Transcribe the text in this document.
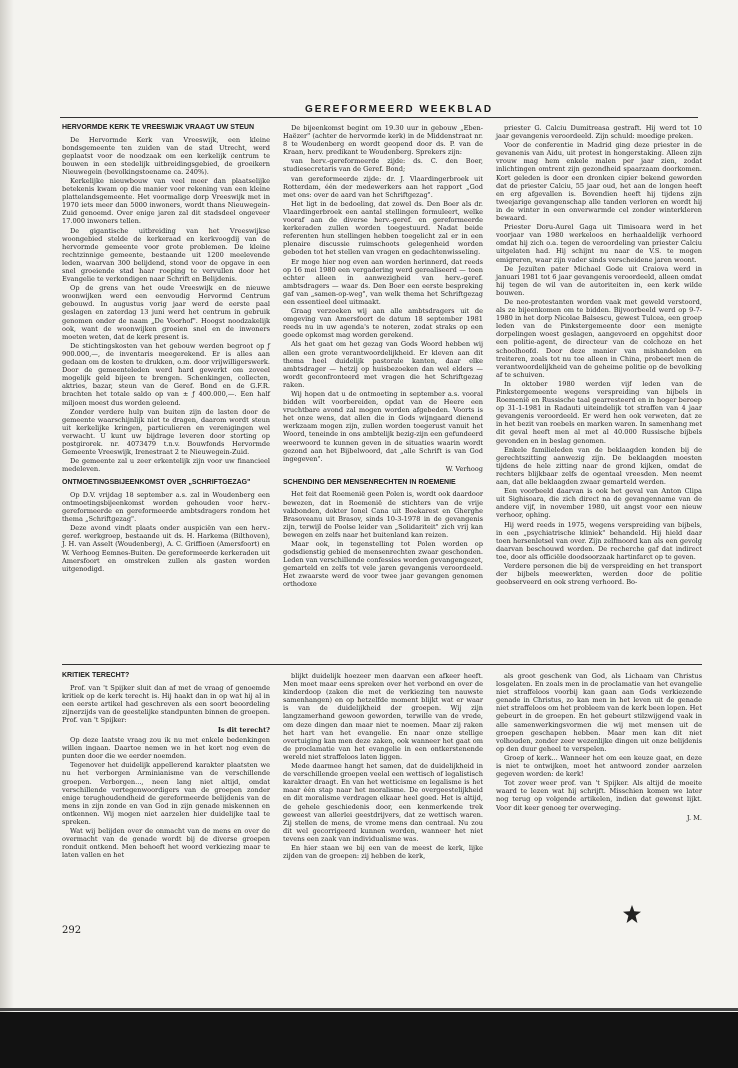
GEREFORMEERD WEEKBLAD
HERVORMDE KERK TE VREESWIJK VRAAGT UW STEUN

De Hervormde Kerk van Vreeswijk, een kleine bondsgemeente ten zuiden van de stad Utrecht, werd geplaatst voor de noodzaak om een kerkelijk centrum te bouwen in een stedelijk uitbreidingsgebied, de groeikern Nieuwegein (bevolkingstoename ca. 240%).

Kerkelijke nieuwbouw van veel meer dan plaatselijke betekenis kwam op die manier voor rekening van een kleine plattelandsgemeente. Het voormalige dorp Vreeswijk met in 1970 iets meer dan 5000 inwoners, wordt thans Nieuwegein-Zuid genoemd. Over enige jaren zal dit stadsdeel ongeveer 17.000 inwoners tellen.

De gigantische uitbreiding van het Vreeswijkse woongebied stelde de kerkeraad en kerkvoogdij van de hervormde gemeente voor grote problemen. De kleine rechtzinnige gemeente, bestaande uit 1200 meelevende leden, waarvan 300 belijdend, stond voor de opgave in een snel groeiende stad haar roeping te vervullen door het Evangelie te verkondigen naar Schrift en Belijdenis.

Op de grens van het oude Vreeswijk en de nieuwe woonwijken werd een eenvoudig Hervormd Centrum gebouwd. In augustus vorig jaar werd de eerste paal geslagen en zaterdag 13 juni werd het centrum in gebruik genomen onder de naam „De Voorhof". Hoogst noodzakelijk ook, want de woonwijken groeien snel en de inwoners moeten weten, dat de kerk present is.

De stichtingskosten van het gebouw werden begroot op ƒ 900.000,—, de inventaris meegerekend. Er is alles aan gedaan om de kosten te drukken, o.m. door vrijwilligerswerk. Door de gemeenteleden werd hard gewerkt om zoveel mogelijk geld bijeen te brengen. Schenkingen, collecten, aktries, bazar, steun van de Geref. Bond en de G.F.R. brachten het totale saldo op van ± ƒ 400.000,—. Een half miljoen moest dus worden geleend.

Zonder verdere hulp van buiten zijn de lasten door de gemeente waarschijnlijk niet te dragen, daarom wordt steun uit kerkelijke kringen, particulieren en verenigingen wel verwacht. U kunt uw bijdrage leveren door storting op postgirorek. nr. 4073479 t.n.v. Bouwfonds Hervormde Gemeente Vreeswijk, Irenestraat 2 te Nieuwegein-Zuid.

De gemeente zal u zeer erkentelijk zijn voor uw financieel medeleven.

ONTMOETINGSBIJEENKOMST OVER „SCHRIFTGEZAG"

Op D.V. vrijdag 18 september a.s. zal in Woudenberg een ontmoetingsbijeenkomst worden gehouden voor herv.-gereformeerde en gereformeerde ambtsdragers rondom het thema „Schriftgezag".

Deze avond vindt plaats onder auspiciën van een herv.-geref. werkgroep, bestaande uit ds. H. Harkema (Bilthoven), J. H. van Asselt (Woudenberg), A. C. Griffioen (Amersfoort) en W. Verhoog Eemnes-Buiten. De gereformeerde kerkeraden uit Amersfoort en omstreken zullen als gasten worden uitgenodigd.

De bijeenkomst begint om 19.30 uur in gebouw „Eben-Haëzer" (achter de hervormde kerk) in de Middenstraat nr. 8 te Woudenberg en wordt geopend door ds. P. van de Kraan, herv. predikant te Woudenberg. Sprekers zijn:

van herv.-gereformeerde zijde: ds. C. den Boer, studiesecretaris van de Geref. Bond;

van gereformeerde zijde: dr. J. Vlaardingerbroek uit Rotterdam, één der medewerkers aan het rapport „God met ons: over de aard van het Schriftgezag".

Het ligt in de bedoeling, dat zowel ds. Den Boer als dr. Vlaardingerbroek een aantal stellingen formuleert, welke vooraf aan de diverse herv.-geref. en gereformeerde kerkeraden zullen worden toegestuurd. Nadat beide referenten hun stellingen hebben toegelicht zal er in een plenaire discussie ruimschoots gelegenheid worden geboden tot het stellen van vragen en gedachtenwisseling.

Er moge hier nog even aan worden herinnerd, dat reeds op 16 mei 1980 een vergadering werd gerealiseerd — toen echter alleen in aanwezigheid van herv.-geref. ambtsdragers — waar ds. Den Boer een eerste bespreking gaf van „samen-op-weg", van welk thema het Schriftgezag een essentieel deel uitmaakt.

Graag verzoeken wij aan alle ambtsdragers uit de omgeving van Amersfoort de datum 18 september 1981 reeds nu in uw agenda's te noteren, zodat straks op een goede opkomst mag worden gerekend.

Als het gaat om het gezag van Gods Woord hebben wij allen een grote verantwoordelijkheid. Er kleven aan dit thema heel duidelijk pastorale kanten, daar elke ambtsdrager — hetzij op huisbezoeken dan wel elders — wordt geconfronteerd met vragen die het Schriftgezag raken.

Wij hopen dat u de ontmoeting in september a.s. vooral bidden wilt voorbereiden, opdat van de Heere een vruchtbare avond zal mogen worden afgebeden. Voorts is het onze wens, dat allen die in Gods wijngaard dienend werkzaam mogen zijn, zullen worden toegerust vanuit het Woord, teneinde in ons ambtelijk bezig-zijn een gefundeerd weerwoord te kunnen geven in de situaties waarin wordt gezond aan het Bijbelwoord, dat „alle Schrift is van God ingegeven".

W. Verhoog
SCHENDING DER MENSENRECHTEN IN ROEMENIE

Het feit dat Roemenië geen Polen is, wordt ook daardoor bewezen, dat in Roemenië de stichters van de vrije vakbonden, dokter Ionel Cana uit Boekarest en Gherghe Brasoveanu uit Brasov, sinds 10-3-1978 in de gevangenis zijn, terwijl de Poolse leider van „Solidariteit" zich vrij kan bewegen en zelfs naar het buitenland kan reizen.

Maar ook, in tegenstelling tot Polen worden op godsdienstig gebied de mensenrechten zwaar geschonden. Leden van verschillende confessies worden gevangengezet, gemarteld en zelfs tot vele jaren gevangenis veroordeeld. Het zwaarste werd de voor twee jaar gevangen genomen orthodoxe

priester G. Calciu Dumitreasa gestraft. Hij werd tot 10 jaar gevangenis veroordeeld. Zijn schuld: moedige preken.

Voor de conferentie in Madrid ging deze priester in de gevanenis van Aidu, uit protest in hongerstaking. Alleen zijn vrouw mag hem enkele malen per jaar zien, zodat inlichtingen omtrent zijn gezondheid spaarzaam doorkomen. Kort geleden is door een dronken cipier bekend geworden dat de priester Calciu, 55 jaar oud, het aan de longen heeft en erg afgevallen is. Bovendien heeft hij tijdens zijn tweejarige gevangenschap alle tanden verloren en wordt hij in de winter in een onverwarmde cel zonder winterkleren bewaard.

Priester Doru-Aurel Gaga uit Timisoara werd in het voorjaar van 1980 werkeloos en herhaaldelijk verhoord omdat hij zich o.a. tegen de veroordeling van priester Calciu uitgelaten had. Hij schijnt nu naar de V.S. te mogen emigreren, waar zijn vader sinds verscheidene jaren woont.

De Jezuïten pater Michael Gode uit Craiova werd in januari 1981 tot 6 jaar gevangenis veroordeeld, alleen omdat hij tegen de wil van de autoriteiten in, een kerk wilde bouwen.

De neo-protestanten worden vaak met geweld verstoord, als ze bijeenkomen om te bidden. Bijvoorbeeld werd op 9-7-1980 in het dorp Nicolae Balsescu, gewest Tulcea, een groep leden van de Pinkstergemeente door een menigte dorpelingen woest geslagen, aangevoerd en opgehitst door een politie-agent, de directeur van de colchoze en het schoolhoofd. Door deze manier van mishandelen en treiteren, zoals tot nu toe alleen in China, probeert men de verantwoordelijkheid van de geheime politie op de bevolking af te schuiven.

In oktober 1980 werden vijf leden van de Pinkstergemeente wegens verspreiding van bijbels in Roemenië en Russische taal gearresteerd en in hoger beroep op 31-1-1981 in Radauti uiteindelijk tot straffen van 4 jaar gevangenis veroordeeld. Er werd hen ook verweten, dat ze in het bezit van roebels en marken waren. In samenhang met dit geval heeft men al met al 40.000 Russische bijbels gevonden en in beslag genomen.

Enkele familieleden van de beklaagden konden bij de gerechtszitting aanwezig zijn. De beklaagden moesten tijdens de hele zitting naar de grond kijken, omdat de rechters blijkbaar zelfs de ogentaal vreesden. Men neemt aan, dat alle beklaagden zwaar gemarteld werden.

Een voorbeeld daarvan is ook het geval van Anton Clipa uit Sighisoara, die zich direct na de gevangenname van de andere vijf, in november 1980, uit angst voor een nieuw verhoor, ophing.

Hij werd reeds in 1975, wegens verspreiding van bijbels, in een „psychiatrische kliniek" behandeld. Hij hield daar toen hersenletsel van over. Zijn zelfmoord kan als een gevolg daarvan beschouwd worden. De recherche gaf dat indirect toe, door als officiële doodsoorzaak hartinfarct op te geven.

Verdere personen die bij de verspreiding en het transport der bijbels meewerkten, werden door de politie geobserveerd en ook streng verhoord. Bo-

KRITIEK TERECHT?

Prof. van 't Spijker sluit dan af met de vraag of genoemde kritiek op de kerk terecht is. Hij haakt dan in op wat hij al in een eerste artikel had geschreven als een soort beoordeling zijnerzijds van de geestelijke standpunten binnen de groepen. Prof. van 't Spijker:

Is dit terecht?

Op deze laatste vraag zou ik nu met enkele bedenkingen willen ingaan. Daartoe nemen we in het kort nog even de punten door die we eerder noemden.

Tegenover het duidelijk appellerend karakter plaatsten we nu het verborgen Arminianisme van de verschillende groepen. Verborgen..., neen lang niet altijd, omdat verschillende vertegenwoordigers van de groepen zonder enige terughoudendheid de gereformeerde belijdenis van de mens in zijn zonde en van God in zijn genade miskennen en ontkennen. Wij mogen niet aarzelen hier duidelijke taal te spreken.

Wat wij belijden over de onmacht van de mens en over de overmacht van de genade wordt bij de diverse groepen ronduit ontkend. Men behoeft het woord verkiezing maar te laten vallen en het

blijkt duidelijk hoezeer men daarvan een afkeer heeft. Men moet maar eens spreken over het verbond en over de kinderdoop (zaken die met de verkiezing ten nauwste samenhangen) en op hetzelfde moment blijkt wat er waar is van de duidelijkheid der groepen. Wij zijn langzamerhand gewoon geworden, terwille van de vrede, om deze dingen dan maar niet te noemen. Maar zij raken het hart van het evangelie. En naar onze stellige overtuiging kan men deze zaken, ook wanneer het gaat om de proclamatie van het evangelie in een ontkerstenende wereld niet straffeloos laten liggen.

Mede daarmee hangt het samen, dat de duidelijkheid in de verschillende groepen veelal een wettisch of legalistisch karakter draagt. En van het wetticisme en legalisme is het maar één stap naar het moralisme. De overgeestelijkheid en dit moralisme verdragen elkaar heel goed. Het is altijd, de gehele geschiedenis door, een kenmerkende trek geweest van allerlei geestdrijvers, dat ze wettisch waren. Zij stellen de mens, de vrome mens dan centraal. Nu zou dit wel gecorrigeerd kunnen worden, wanneer het niet tevens een zaak van individualisme was.

En hier staan we bij een van de meest de kerk, lijke zijden van de groepen: zij hebben de kerk,

als groot geschenk van God, als Lichaam van Christus losgelaten. En zoals men in de proclamatie van het evangelie niet straffeloos voorbij kan gaan aan Gods verkiezende genade in Christus, zo kan men in het leven uit de genade niet straffeloos om het probleem van de kerk been lopen. Het gebeurt in de groepen. En het gebeurt stilzwijgend vaak in alle samenwerkingsvormen die wij met mensen uit de groepen geschapen hebben. Maar men kan dit niet volhouden, zonder zeer wezenlijke dingen uit onze belijdenis op den duur geheel te verspelen.

Groep of kerk... Wanneer het om een keuze gaat, en deze is niet te ontwijken, moet het antwoord zonder aarzelen gegeven worden: de kerk!

Tot zover weer prof. van 't Spijker. Als altijd de moeite waard te lezen wat hij schrijft. Misschien komen we later nog terug op volgende artikelen, indien dat gewenst lijkt. Voor dit keer genoeg ter overweging.

J. M.
292
